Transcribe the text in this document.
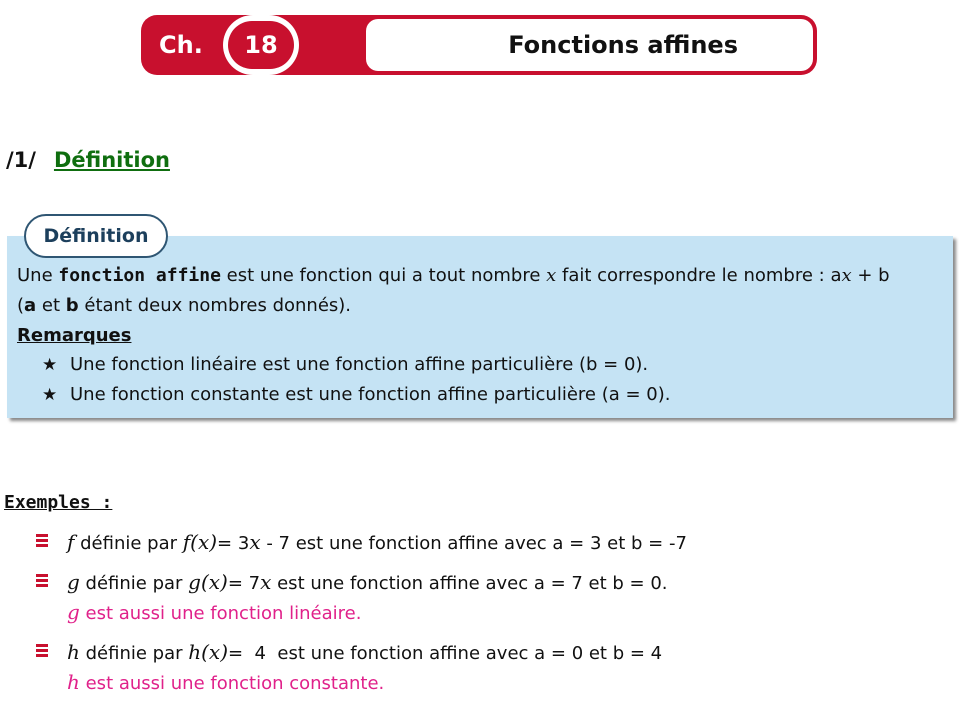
Ch.	18	Fonctions affines
/1/ Définition
Définition
Une fonction affine est une fonction qui a tout nombre x fait correspondre le nombre : ax + b
(a et b étant deux nombres donnés).
Remarques
★ Une fonction linéaire est une fonction affine particulière (b = 0).
★ Une fonction constante est une fonction affine particulière (a = 0).
Exemples :
f définie par f(x)= 3x - 7 est une fonction affine avec a = 3 et b = -7
g définie par g(x)= 7x est une fonction affine avec a = 7 et b = 0.
g est aussi une fonction linéaire.
h définie par h(x)=  4  est une fonction affine avec a = 0 et b = 4
h est aussi une fonction constante.
